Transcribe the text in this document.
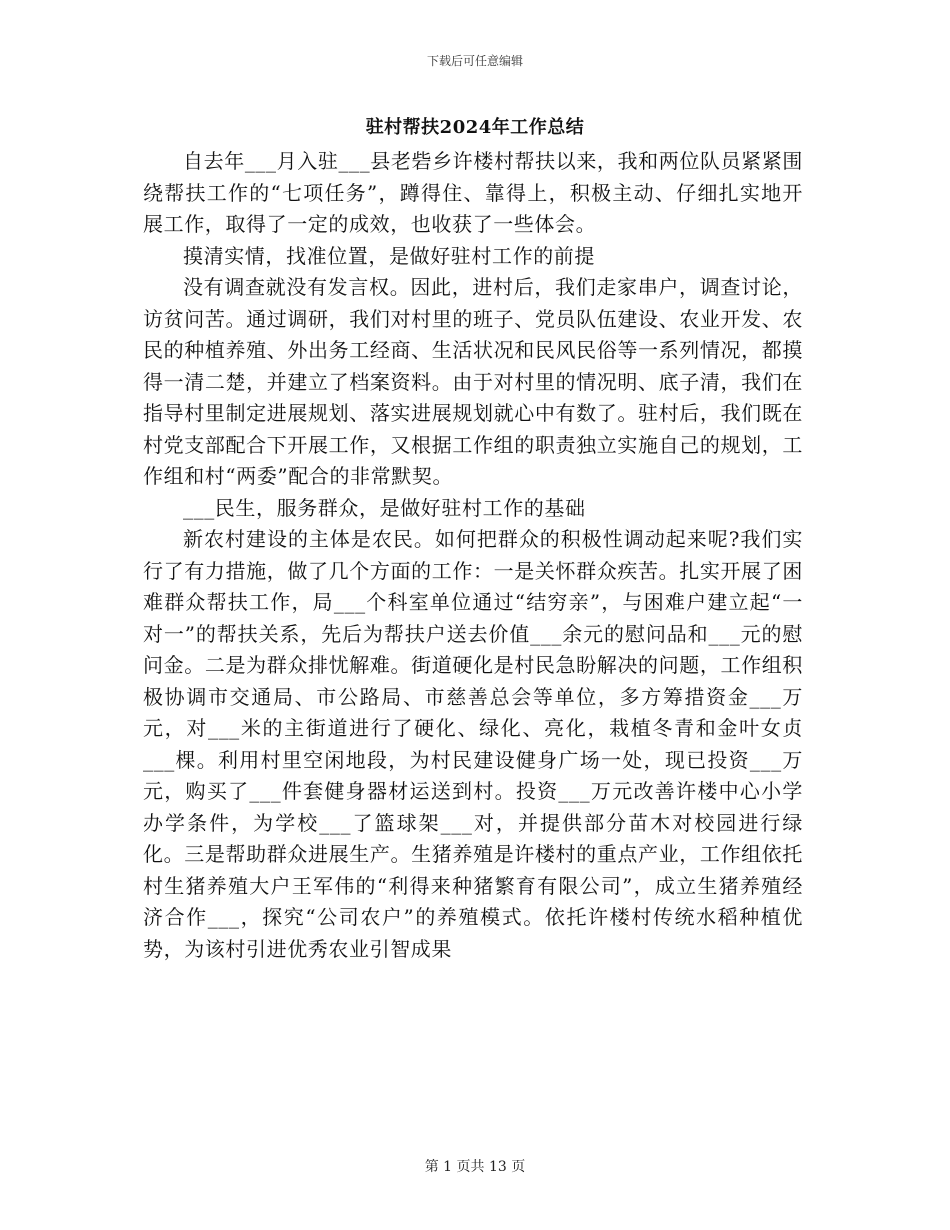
下载后可任意编辑
驻村帮扶2024年工作总结

自去年___月入驻___县老砦乡许楼村帮扶以来，我和两位队员紧紧围绕帮扶工作的“七项任务”，蹲得住、靠得上，积极主动、仔细扎实地开展工作，取得了一定的成效，也收获了一些体会。

摸清实情，找准位置，是做好驻村工作的前提

没有调查就没有发言权。因此，进村后，我们走家串户，调查讨论，访贫问苦。通过调研，我们对村里的班子、党员队伍建设、农业开发、农民的种植养殖、外出务工经商、生活状况和民风民俗等一系列情况，都摸得一清二楚，并建立了档案资料。由于对村里的情况明、底子清，我们在指导村里制定进展规划、落实进展规划就心中有数了。驻村后，我们既在村党支部配合下开展工作，又根据工作组的职责独立实施自己的规划，工作组和村“两委”配合的非常默契。

___民生，服务群众，是做好驻村工作的基础

新农村建设的主体是农民。如何把群众的积极性调动起来呢?我们实行了有力措施，做了几个方面的工作：一是关怀群众疾苦。扎实开展了困难群众帮扶工作，局___个科室单位通过“结穷亲”，与困难户建立起“一对一”的帮扶关系，先后为帮扶户送去价值___余元的慰问品和___元的慰问金。二是为群众排忧解难。街道硬化是村民急盼解决的问题，工作组积极协调市交通局、市公路局、市慈善总会等单位，多方筹措资金___万元，对___米的主街道进行了硬化、绿化、亮化，栽植冬青和金叶女贞___棵。利用村里空闲地段，为村民建设健身广场一处，现已投资___万元，购买了___件套健身器材运送到村。投资___万元改善许楼中心小学办学条件，为学校___了篮球架___对，并提供部分苗木对校园进行绿化。三是帮助群众进展生产。生猪养殖是许楼村的重点产业，工作组依托村生猪养殖大户王军伟的“利得来种猪繁育有限公司”，成立生猪养殖经济合作___，探究“公司农户”的养殖模式。依托许楼村传统水稻种植优势，为该村引进优秀农业引智成果

第 1 页共 13 页
